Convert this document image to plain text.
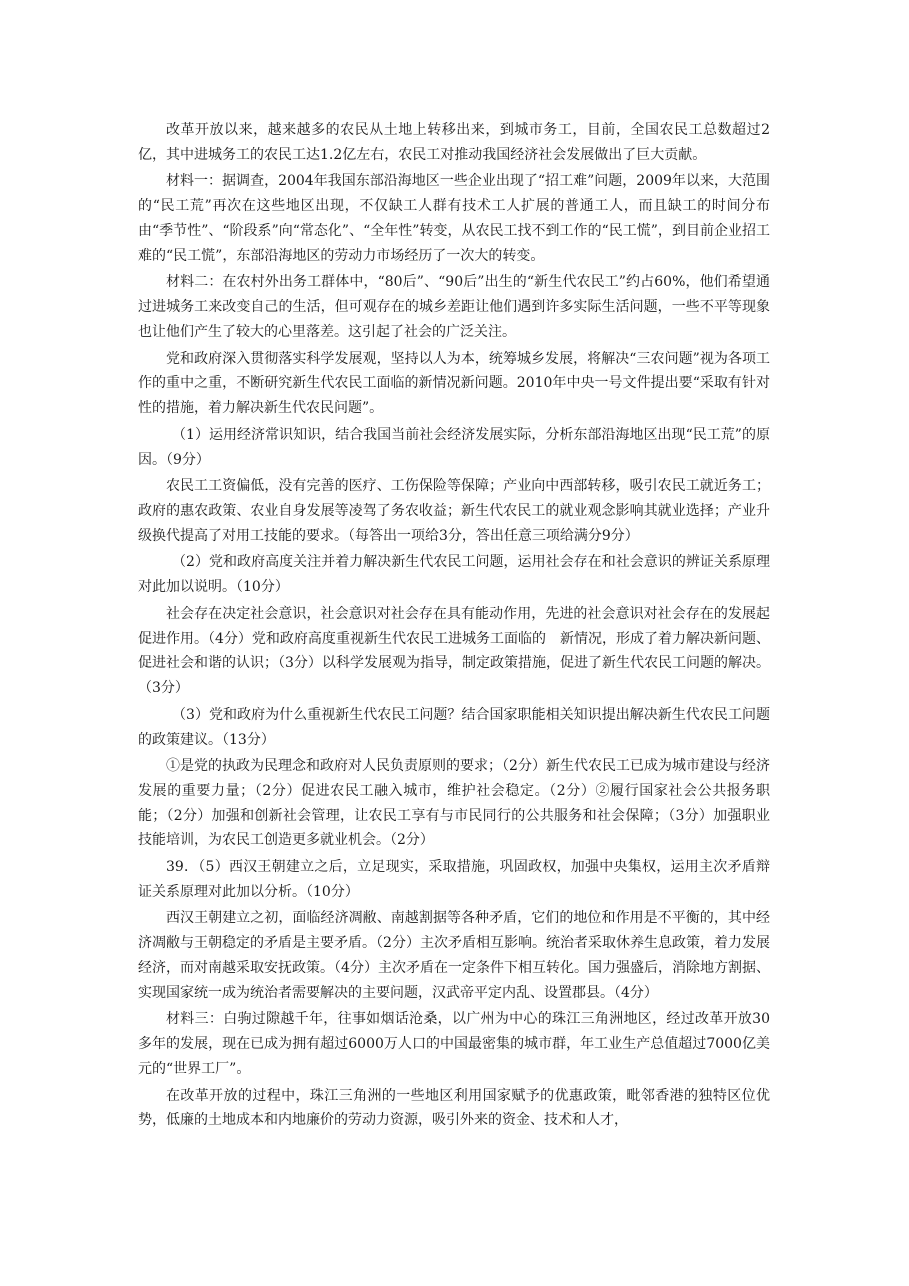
改革开放以来，越来越多的农民从土地上转移出来，到城市务工，目前，全国农民工总数超过2亿，其中进城务工的农民工达1.2亿左右，农民工对推动我国经济社会发展做出了巨大贡献。

材料一：据调查，2004年我国东部沿海地区一些企业出现了“招工难”问题，2009年以来，大范围的“民工荒”再次在这些地区出现，不仅缺工人群有技术工人扩展的普通工人，而且缺工的时间分布由“季节性”、“阶段系”向“常态化”、“全年性”转变，从农民工找不到工作的“民工慌”，到目前企业招工难的“民工慌”，东部沿海地区的劳动力市场经历了一次大的转变。

材料二：在农村外出务工群体中，“80后”、“90后”出生的“新生代农民工”约占60%，他们希望通过进城务工来改变自己的生活，但可观存在的城乡差距让他们遇到许多实际生活问题，一些不平等现象也让他们产生了较大的心里落差。这引起了社会的广泛关注。

党和政府深入贯彻落实科学发展观，坚持以人为本，统筹城乡发展，将解决“三农问题”视为各项工作的重中之重，不断研究新生代农民工面临的新情况新问题。2010年中央一号文件提出要“采取有针对性的措施，着力解决新生代农民问题”。

（1）运用经济常识知识，结合我国当前社会经济发展实际，分析东部沿海地区出现“民工荒”的原因。（9分）

农民工工资偏低，没有完善的医疗、工伤保险等保障；产业向中西部转移，吸引农民工就近务工；政府的惠农政策、农业自身发展等凌驾了务农收益；新生代农民工的就业观念影响其就业选择；产业升级换代提高了对用工技能的要求。（每答出一项给3分，答出任意三项给满分9分）

（2）党和政府高度关注并着力解决新生代农民工问题，运用社会存在和社会意识的辨证关系原理对此加以说明。（10分）

社会存在决定社会意识，社会意识对社会存在具有能动作用，先进的社会意识对社会存在的发展起促进作用。（4分）党和政府高度重视新生代农民工进城务工面临的　新情况，形成了着力解决新问题、促进社会和谐的认识；（3分）以科学发展观为指导，制定政策措施，促进了新生代农民工问题的解决。（3分）

（3）党和政府为什么重视新生代农民工问题？结合国家职能相关知识提出解决新生代农民工问题的政策建议。（13分）

①是党的执政为民理念和政府对人民负责原则的要求；（2分）新生代农民工已成为城市建设与经济发展的重要力量；（2分）促进农民工融入城市，维护社会稳定。（2分）②履行国家社会公共报务职能；（2分）加强和创新社会管理，让农民工享有与市民同行的公共服务和社会保障；（3分）加强职业技能培训，为农民工创造更多就业机会。（2分）

39．（5）西汉王朝建立之后，立足现实，采取措施，巩固政权，加强中央集权，运用主次矛盾辩证关系原理对此加以分析。（10分）

西汉王朝建立之初，面临经济凋敝、南越割据等各种矛盾，它们的地位和作用是不平衡的，其中经济凋敝与王朝稳定的矛盾是主要矛盾。（2分）主次矛盾相互影响。统治者采取休养生息政策，着力发展经济，而对南越采取安抚政策。（4分）主次矛盾在一定条件下相互转化。国力强盛后，消除地方割据、实现国家统一成为统治者需要解决的主要问题，汉武帝平定内乱、设置郡县。（4分）

材料三：白驹过隙越千年，往事如烟话沧桑，以广州为中心的珠江三角洲地区，经过改革开放30多年的发展，现在已成为拥有超过6000万人口的中国最密集的城市群，年工业生产总值超过7000亿美元的“世界工厂”。

在改革开放的过程中，珠江三角洲的一些地区利用国家赋予的优惠政策，毗邻香港的独特区位优势，低廉的土地成本和内地廉价的劳动力资源，吸引外来的资金、技术和人才，
